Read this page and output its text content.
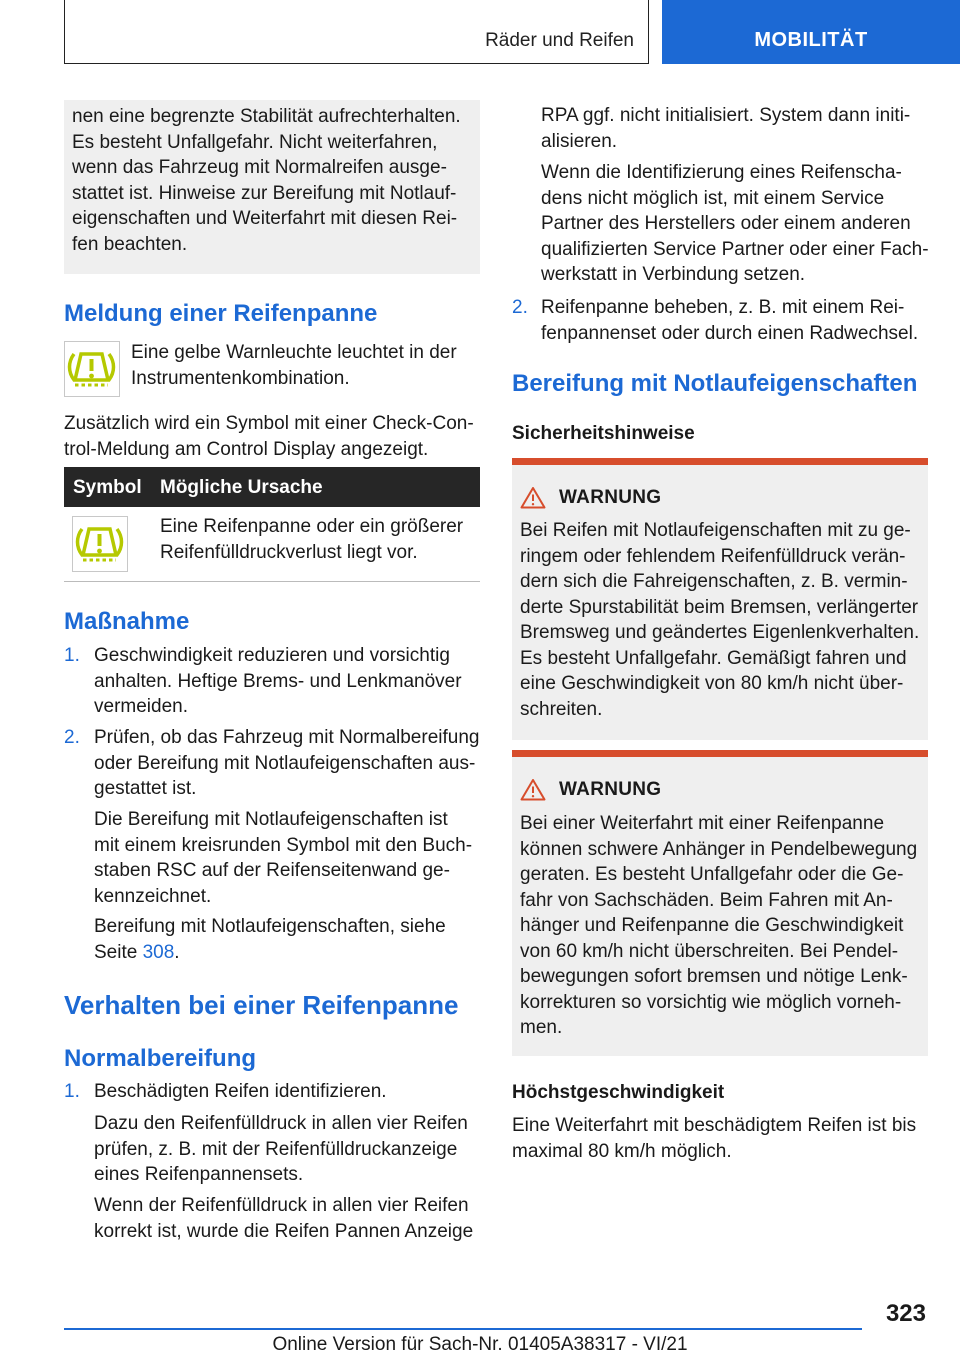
Räder und Reifen	MOBILITÄT
nen eine begrenzte Stabilität aufrechterhalten.
Es besteht Unfallgefahr. Nicht weiterfahren,
wenn das Fahrzeug mit Normalreifen ausge-
stattet ist. Hinweise zur Bereifung mit Notlauf-
eigenschaften und Weiterfahrt mit diesen Rei-
fen beachten.
Meldung einer Reifenpanne
Eine gelbe Warnleuchte leuchtet in der
Instrumentenkombination.
Zusätzlich wird ein Symbol mit einer Check-Con-
trol-Meldung am Control Display angezeigt.
Symbol Mögliche Ursache
Eine Reifenpanne oder ein größerer
Reifenfülldruckverlust liegt vor.
Maßnahme
1. Geschwindigkeit reduzieren und vorsichtig
anhalten. Heftige Brems- und Lenkmanöver
vermeiden.
2. Prüfen, ob das Fahrzeug mit Normalbereifung
oder Bereifung mit Notlaufeigenschaften aus-
gestattet ist.
Die Bereifung mit Notlaufeigenschaften ist
mit einem kreisrunden Symbol mit den Buch-
staben RSC auf der Reifenseitenwand ge-
kennzeichnet.
Bereifung mit Notlaufeigenschaften, siehe
Seite 308.
Verhalten bei einer Reifenpanne
Normalbereifung
1. Beschädigten Reifen identifizieren.
Dazu den Reifenfülldruck in allen vier Reifen
prüfen, z. B. mit der Reifenfülldruckanzeige
eines Reifenpannensets.
Wenn der Reifenfülldruck in allen vier Reifen
korrekt ist, wurde die Reifen Pannen Anzeige
RPA ggf. nicht initialisiert. System dann initi-
alisieren.
Wenn die Identifizierung eines Reifenscha-
dens nicht möglich ist, mit einem Service
Partner des Herstellers oder einem anderen
qualifizierten Service Partner oder einer Fach-
werkstatt in Verbindung setzen.
2. Reifenpanne beheben, z. B. mit einem Rei-
fenpannenset oder durch einen Radwechsel.
Bereifung mit Notlaufeigenschaften
Sicherheitshinweise
WARNUNG
Bei Reifen mit Notlaufeigenschaften mit zu ge-
ringem oder fehlendem Reifenfülldruck verän-
dern sich die Fahreigenschaften, z. B. vermin-
derte Spurstabilität beim Bremsen, verlängerter
Bremsweg und geändertes Eigenlenkverhalten.
Es besteht Unfallgefahr. Gemäßigt fahren und
eine Geschwindigkeit von 80 km/h nicht über-
schreiten.
WARNUNG
Bei einer Weiterfahrt mit einer Reifenpanne
können schwere Anhänger in Pendelbewegung
geraten. Es besteht Unfallgefahr oder die Ge-
fahr von Sachschäden. Beim Fahren mit An-
hänger und Reifenpanne die Geschwindigkeit
von 60 km/h nicht überschreiten. Bei Pendel-
bewegungen sofort bremsen und nötige Lenk-
korrekturen so vorsichtig wie möglich vorneh-
men.
Höchstgeschwindigkeit
Eine Weiterfahrt mit beschädigtem Reifen ist bis
maximal 80 km/h möglich.
323
Online Version für Sach-Nr. 01405A38317 - VI/21
